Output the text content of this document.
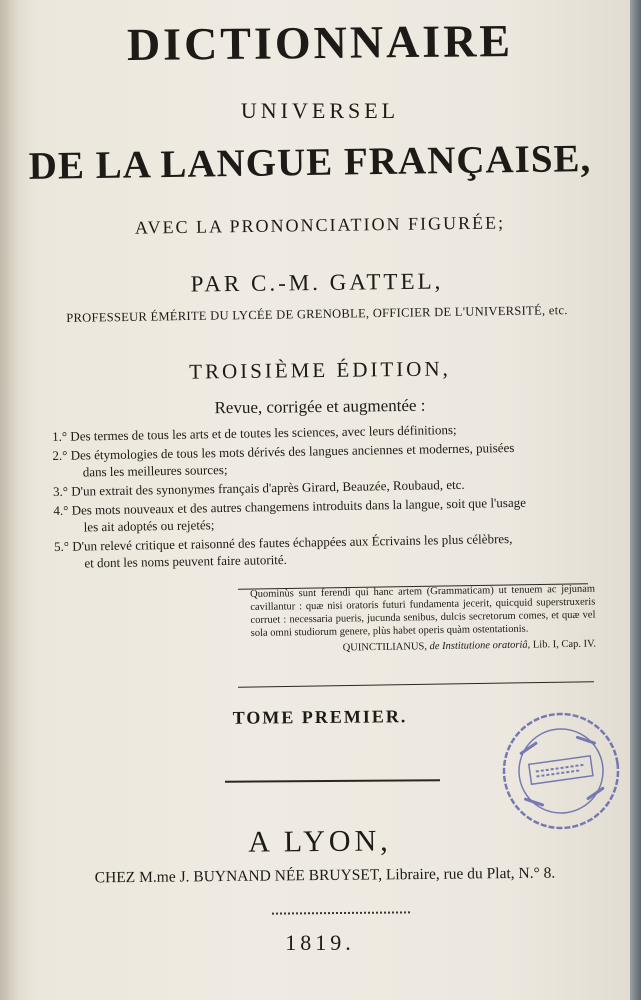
DICTIONNAIRE
UNIVERSEL
DE LA LANGUE FRANÇAISE,
AVEC LA PRONONCIATION FIGURÉE;
PAR C.-M. GATTEL,
PROFESSEUR ÉMÉRITE DU LYCÉE DE GRENOBLE, OFFICIER DE L'UNIVERSITÉ, etc.
TROISIÈME ÉDITION,
Revue, corrigée et augmentée :
1.° Des termes de tous les arts et de toutes les sciences, avec leurs définitions;
2.° Des étymologies de tous les mots dérivés des langues anciennes et modernes, puisées
dans les meilleures sources;
3.° D'un extrait des synonymes français d'après Girard, Beauzée, Roubaud, etc.
4.° Des mots nouveaux et des autres changemens introduits dans la langue, soit que l'usage
les ait adoptés ou rejetés;
5.° D'un relevé critique et raisonné des fautes échappées aux Écrivains les plus célèbres,
et dont les noms peuvent faire autorité.
Quominùs sunt ferendi qui hanc artem (Grammaticam) ut tenuem ac jejunam cavillantur : quæ nisi oratoris futuri fundamenta jecerit, quicquid superstruxeris corruet : necessaria pueris, jucunda senibus, dulcis secretorum comes, et quæ vel sola omni studiorum genere, plùs habet operis quàm ostentationis.
QUINCTILIANUS, de Institutione oratoriâ, Lib. I, Cap. IV.
TOME PREMIER.
A LYON,
CHEZ M.me J. BUYNAND NÉE BRUYSET, Libraire, rue du Plat, N.° 8.
1819.
